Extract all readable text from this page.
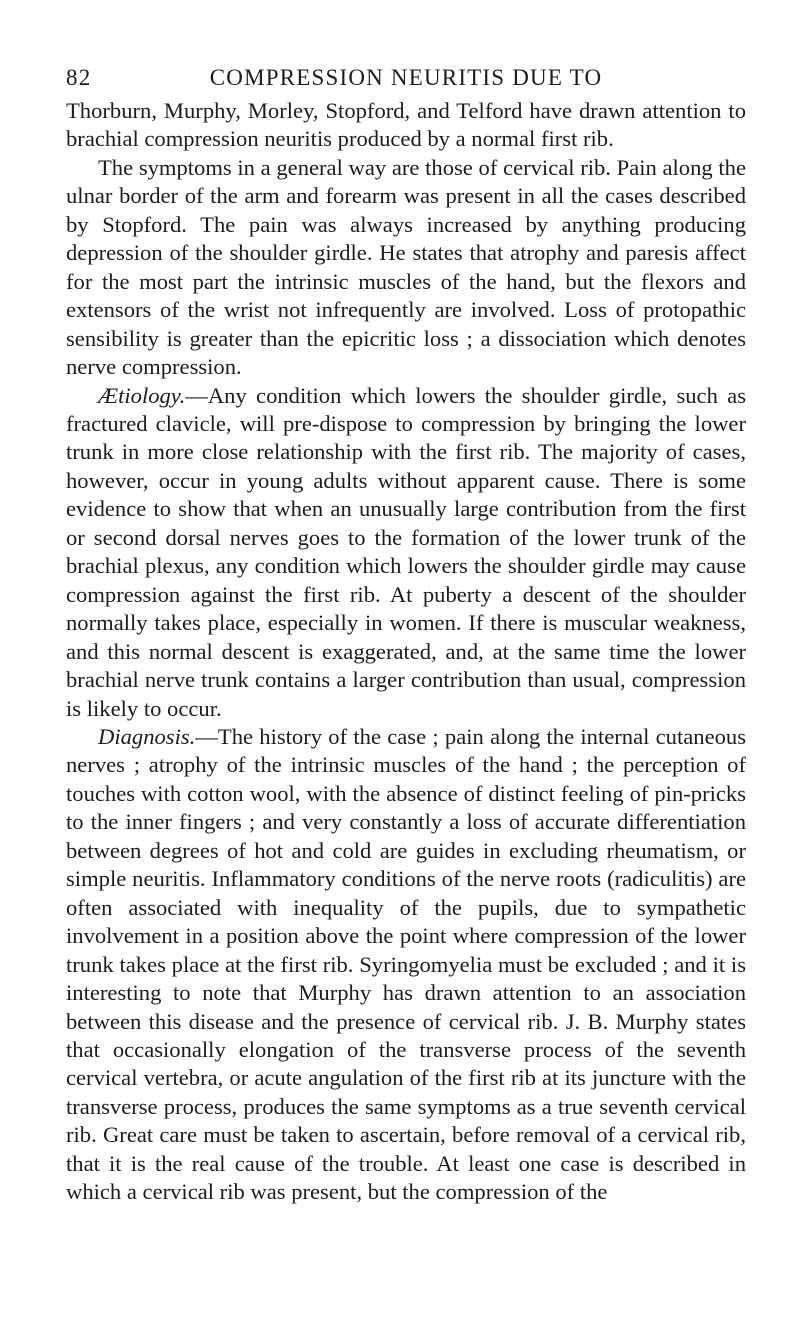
82	COMPRESSION NEURITIS DUE TO

Thorburn, Murphy, Morley, Stopford, and Telford have drawn attention to brachial compression neuritis produced by a normal first rib.

The symptoms in a general way are those of cervical rib. Pain along the ulnar border of the arm and forearm was present in all the cases described by Stopford. The pain was always increased by anything producing depression of the shoulder girdle. He states that atrophy and paresis affect for the most part the intrinsic muscles of the hand, but the flexors and extensors of the wrist not infrequently are involved. Loss of protopathic sensibility is greater than the epicritic loss ; a dissociation which denotes nerve compression.

Ætiology.—Any condition which lowers the shoulder girdle, such as fractured clavicle, will pre-dispose to compression by bringing the lower trunk in more close relationship with the first rib. The majority of cases, however, occur in young adults without apparent cause. There is some evidence to show that when an unusually large contribution from the first or second dorsal nerves goes to the formation of the lower trunk of the brachial plexus, any condition which lowers the shoulder girdle may cause compression against the first rib. At puberty a descent of the shoulder normally takes place, especially in women. If there is muscular weakness, and this normal descent is exaggerated, and, at the same time the lower brachial nerve trunk contains a larger contribution than usual, compression is likely to occur.

Diagnosis.—The history of the case ; pain along the internal cutaneous nerves ; atrophy of the intrinsic muscles of the hand ; the perception of touches with cotton wool, with the absence of distinct feeling of pin-pricks to the inner fingers ; and very constantly a loss of accurate differentiation between degrees of hot and cold are guides in excluding rheumatism, or simple neuritis. Inflammatory conditions of the nerve roots (radiculitis) are often associated with inequality of the pupils, due to sympathetic involvement in a position above the point where compression of the lower trunk takes place at the first rib. Syringomyelia must be excluded ; and it is interesting to note that Murphy has drawn attention to an association between this disease and the presence of cervical rib. J. B. Murphy states that occasionally elongation of the transverse process of the seventh cervical vertebra, or acute angulation of the first rib at its juncture with the transverse process, produces the same symptoms as a true seventh cervical rib. Great care must be taken to ascertain, before removal of a cervical rib, that it is the real cause of the trouble. At least one case is described in which a cervical rib was present, but the compression of the
